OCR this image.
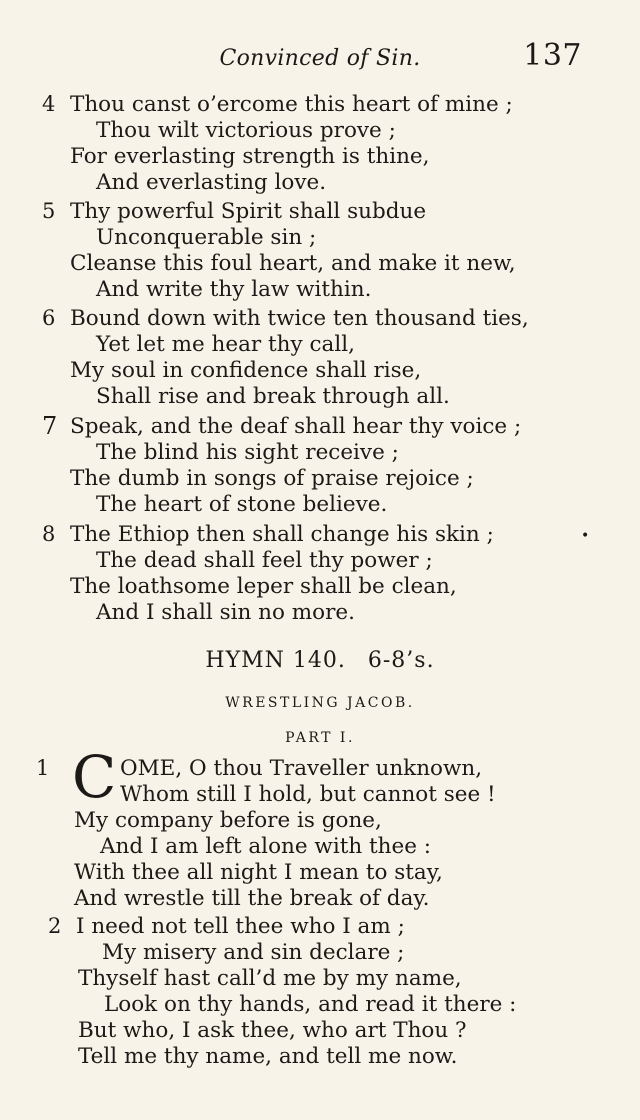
Convinced of Sin.	137
4 Thou canst o’ercome this heart of mine ;
Thou wilt victorious prove ;
For everlasting strength is thine,
And everlasting love.
5 Thy powerful Spirit shall subdue
Unconquerable sin ;
Cleanse this foul heart, and make it new,
And write thy law within.
6 Bound down with twice ten thousand ties,
Yet let me hear thy call,
My soul in confidence shall rise,
Shall rise and break through all.
7 Speak, and the deaf shall hear thy voice ;
The blind his sight receive ;
The dumb in songs of praise rejoice ;
The heart of stone believe.
8 The Ethiop then shall change his skin ;
The dead shall feel thy power ;
The loathsome leper shall be clean,
And I shall sin no more.
•
HYMN 140. 6-8’s.
WRESTLING JACOB.
PART I.
1	OME, O thou Traveller unknown,
Whom still I hold, but cannot see !
My company before is gone,
And I am left alone with thee :
With thee all night I mean to stay,
And wrestle till the break of day.
C
2 I need not tell thee who I am ;
My misery and sin declare ;
Thyself hast call’d me by my name,
Look on thy hands, and read it there :
But who, I ask thee, who art Thou ?
Tell me thy name, and tell me now.
